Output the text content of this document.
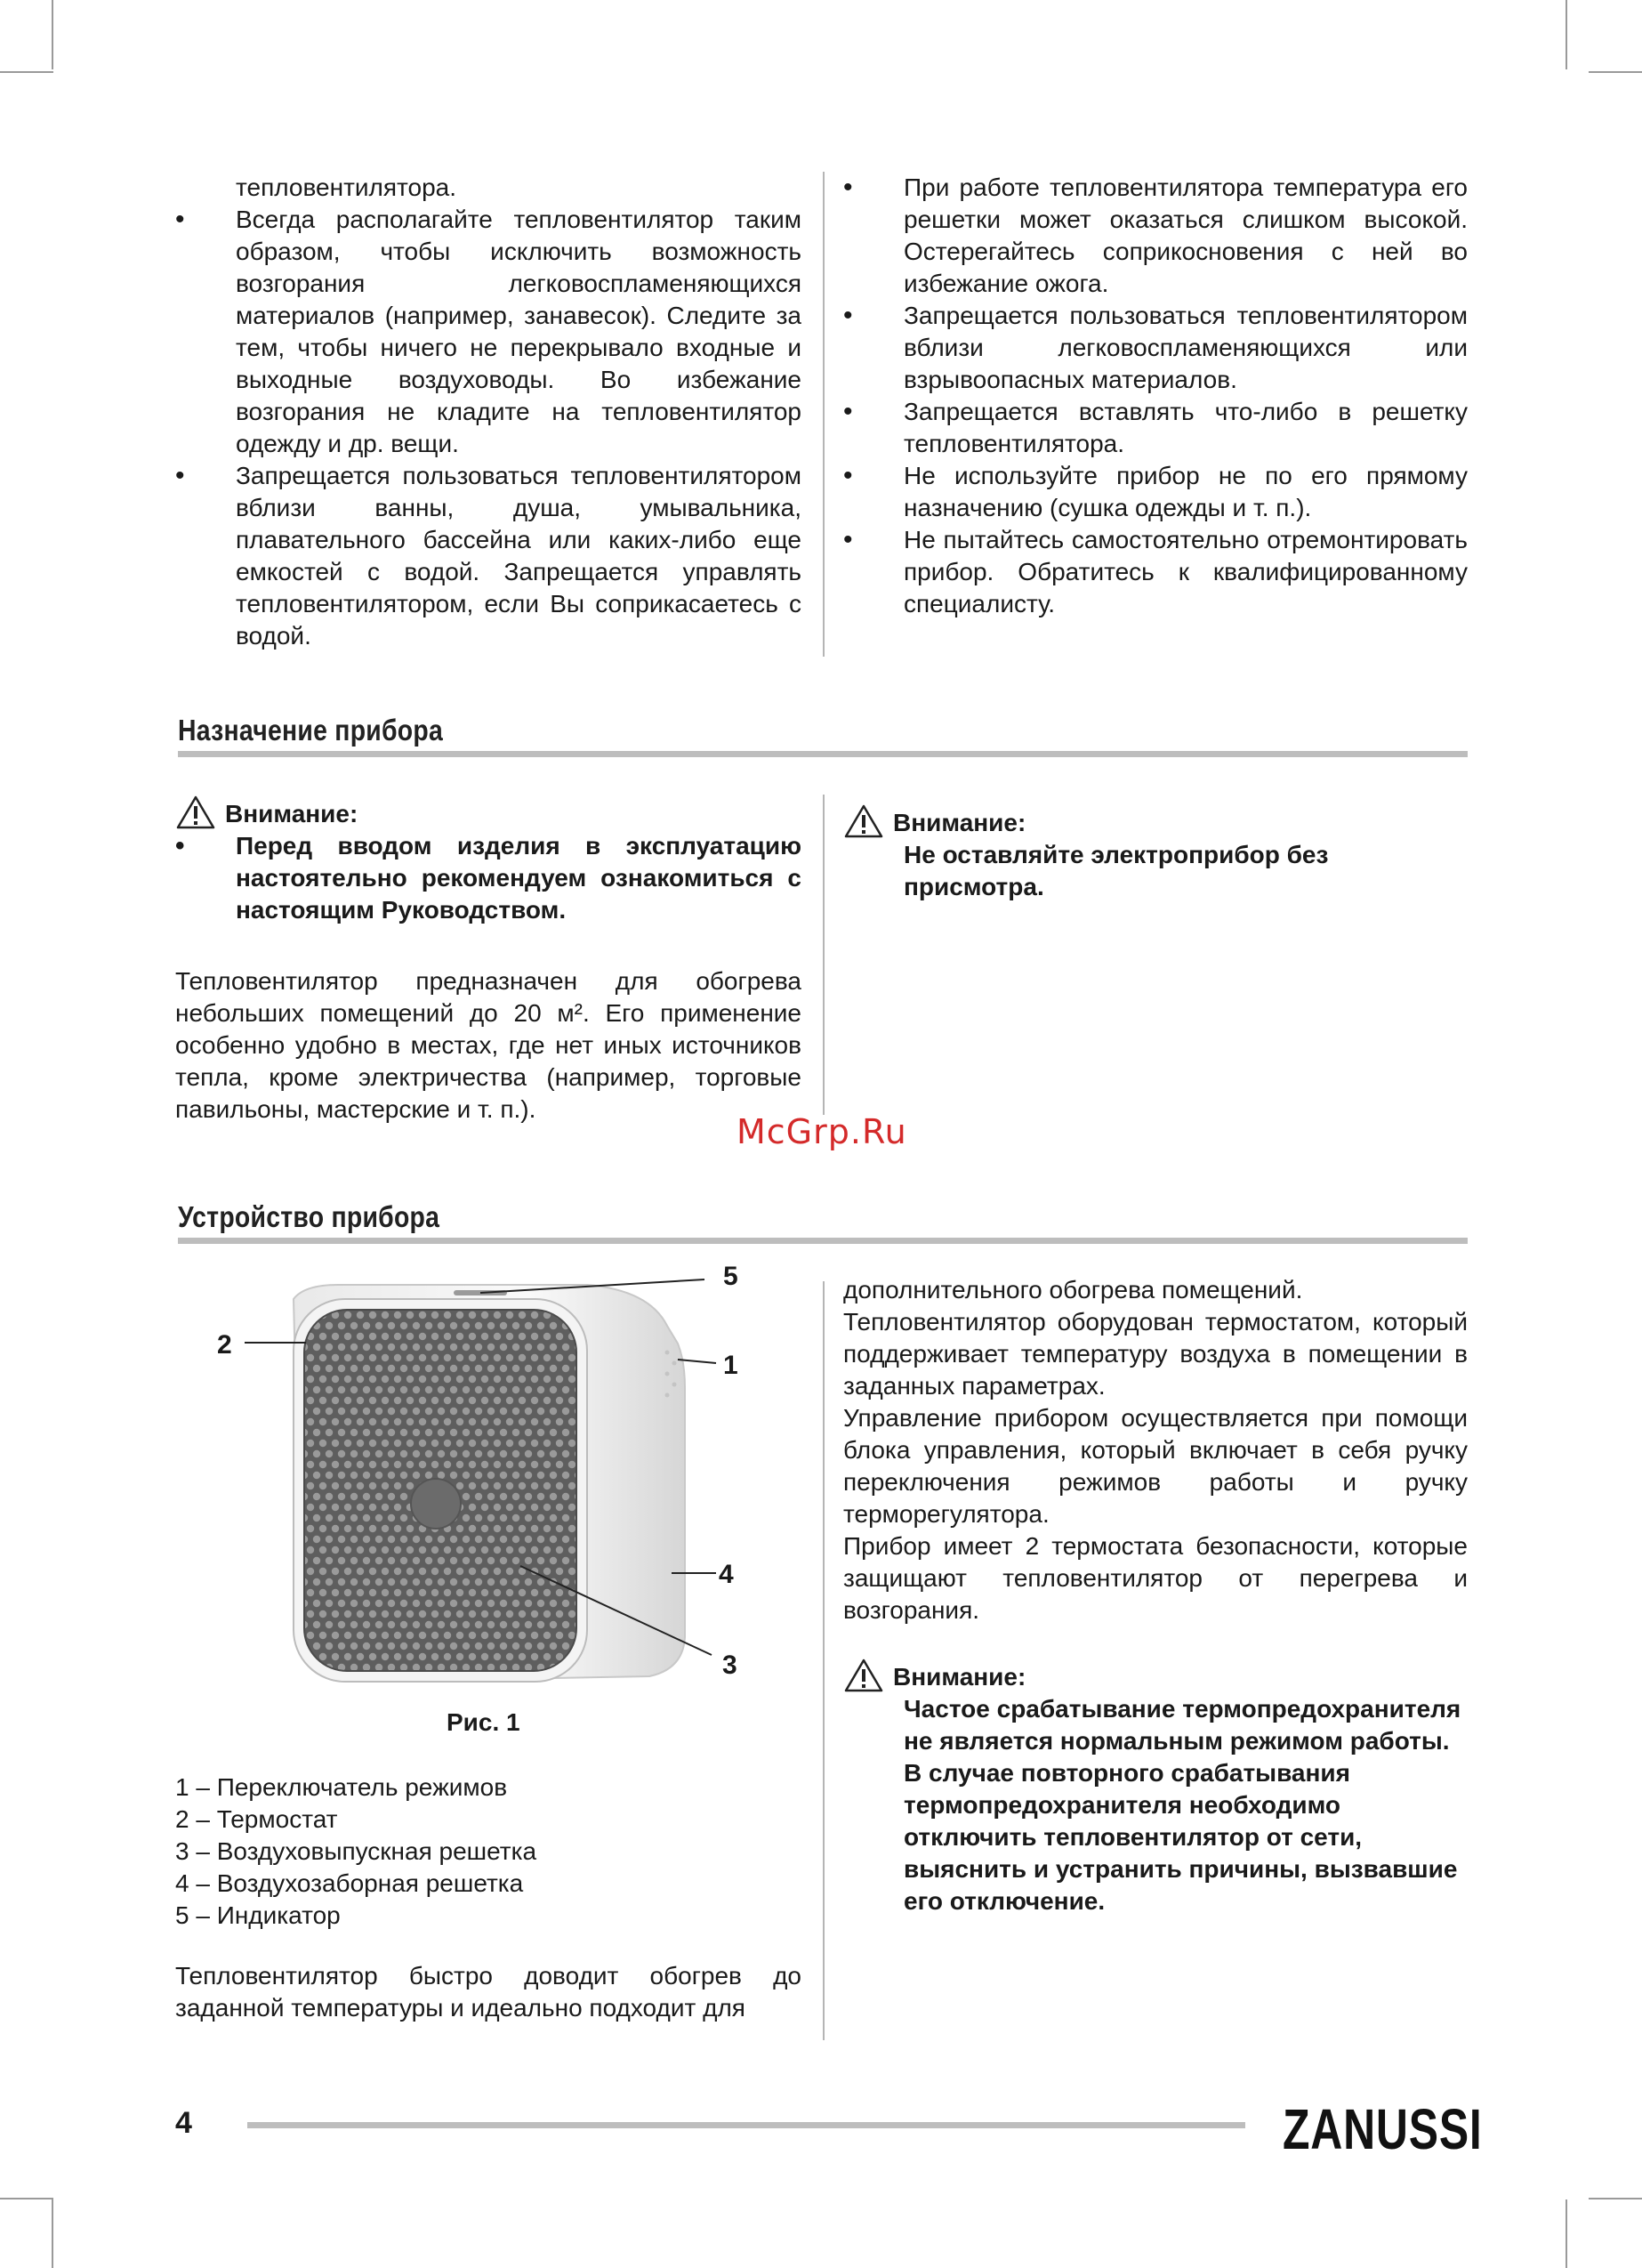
тепловентилятора.
• Всегда располагайте тепловентилятор таким образом, чтобы исключить возможность возгорания легковоспламеняющихся материалов (например, занавесок). Следите за тем, чтобы ничего не перекрывало входные и выходные воздуховоды. Во избежание возгорания не кладите на тепловентилятор одежду и др. вещи.
• Запрещается пользоваться тепловентилятором вблизи ванны, душа, умывальника, плавательного бассейна или каких-либо еще емкостей с водой. Запрещается управлять тепловентилятором, если Вы соприкасаетесь с водой.
• При работе тепловентилятора температура его решетки может оказаться слишком высокой. Остерегайтесь соприкосновения с ней во избежание ожога.
• Запрещается пользоваться тепловентилятором вблизи легковоспламеняющихся или взрывоопасных материалов.
• Запрещается вставлять что-либо в решетку тепловентилятора.
• Не используйте прибор не по его прямому назначению (сушка одежды и т. п.).
• Не пытайтесь самостоятельно отремонтировать прибор. Обратитесь к квалифицированному специалисту.
Назначение прибора
Внимание:
• Перед вводом изделия в эксплуатацию настоятельно рекомендуем ознакомиться с настоящим Руководством.

Тепловентилятор предназначен для обогрева небольших помещений до 20 м². Его применение особенно удобно в местах, где нет иных источников тепла, кроме электричества (например, торговые павильоны, мастерские и т. п.).

Внимание:

Не оставляйте электроприбор без присмотра.

McGrp.Ru
Устройство прибора
2
5
1
4
3
Рис. 1
1 – Переключатель режимов
2 – Термостат
3 – Воздуховыпускная решетка
4 – Воздухозаборная решетка
5 – Индикатор

Тепловентилятор быстро доводит обогрев до заданной температуры и идеально подходит для

дополнительного обогрева помещений.

Тепловентилятор оборудован термостатом, который поддерживает температуру воздуха в помещении в заданных параметрах.

Управление прибором осуществляется при помощи блока управления, который включает в себя ручку переключения режимов работы и ручку терморегулятора.

Прибор имеет 2 термостата безопасности, которые защищают тепловентилятор от перегрева и возгорания.

Внимание:

Частое срабатывание термопредохранителя не является нормальным режимом работы. В случае повторного срабатывания термопредохранителя необходимо отключить тепловентилятор от сети, выяснить и устранить причины, вызвавшие его отключение.

4	ZANUSSI
